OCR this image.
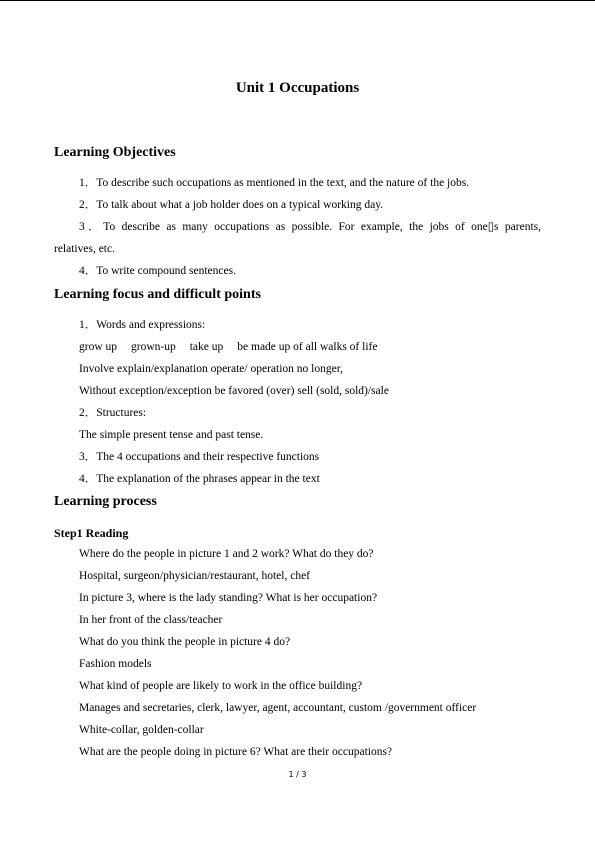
Unit 1 Occupations
Learning Objectives
1．To describe such occupations as mentioned in the text, and the nature of the jobs.
2．To talk about what a job holder does on a typical working day.
3．To describe as many occupations as possible. For example, the jobs of one▯s parents,
relatives, etc.
4．To write compound sentences.
Learning focus and difficult points
1．Words and expressions:
grow up grown-up take up be made up of all walks of life
Involve explain/explanation operate/ operation no longer,
Without exception/exception be favored (over) sell (sold, sold)/sale
2．Structures:
The simple present tense and past tense.
3．The 4 occupations and their respective functions
4．The explanation of the phrases appear in the text
Learning process
Step1 Reading
Where do the people in picture 1 and 2 work? What do they do?
Hospital, surgeon/physician/restaurant, hotel, chef
In picture 3, where is the lady standing? What is her occupation?
In her front of the class/teacher
What do you think the people in picture 4 do?
Fashion models
What kind of people are likely to work in the office building?
Manages and secretaries, clerk, lawyer, agent, accountant, custom /government officer
White-collar, golden-collar
What are the people doing in picture 6? What are their occupations?
1 / 3
